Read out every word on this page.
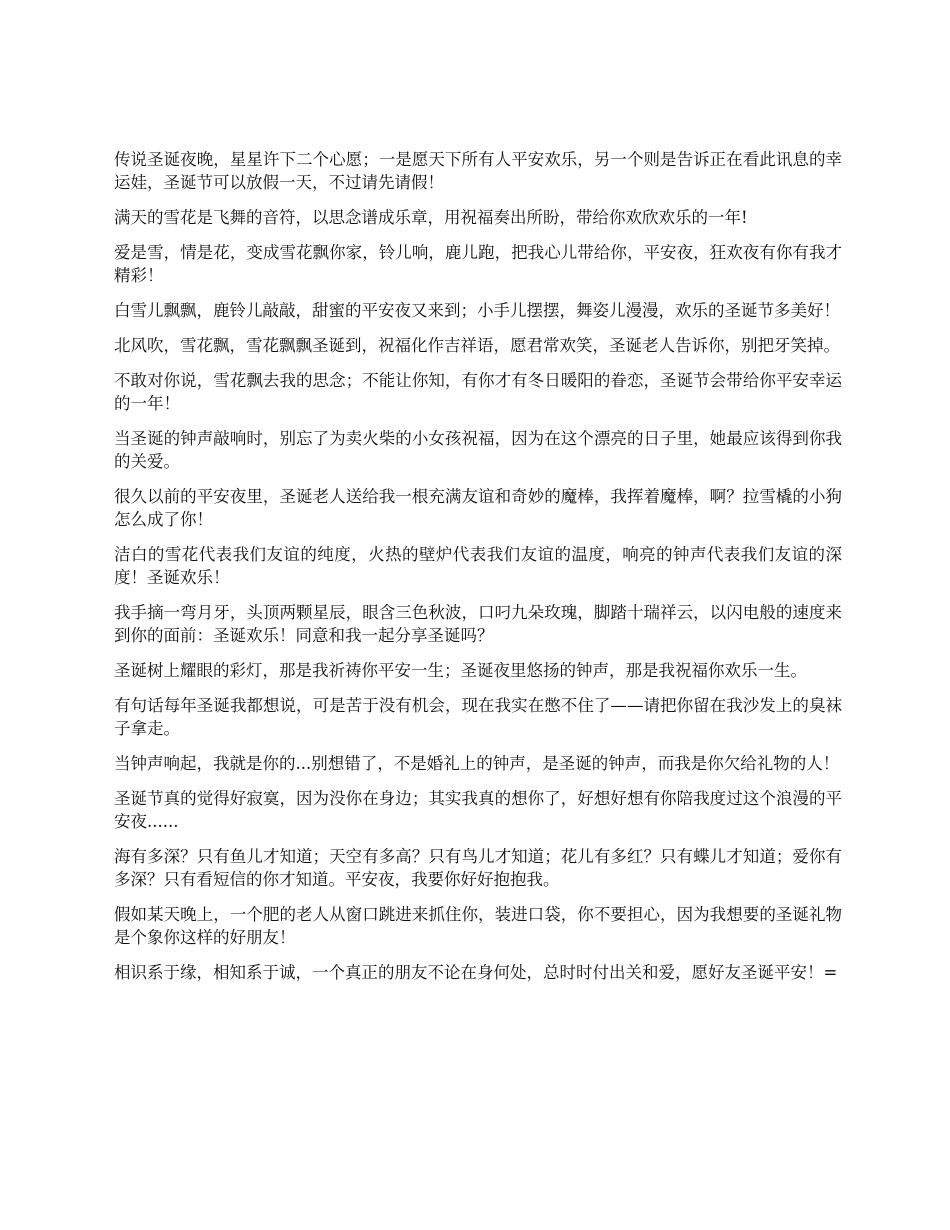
传说圣诞夜晚，星星许下二个心愿；一是愿天下所有人平安欢乐，另一个则是告诉正在看此讯息的幸运娃，圣诞节可以放假一天，不过请先请假！

满天的雪花是飞舞的音符，以思念谱成乐章，用祝福奏出所盼，带给你欢欣欢乐的一年!

爱是雪，情是花，变成雪花飘你家，铃儿响，鹿儿跑，把我心儿带给你，平安夜，狂欢夜有你有我才精彩！

白雪儿飘飘，鹿铃儿敲敲，甜蜜的平安夜又来到；小手儿摆摆，舞姿儿漫漫，欢乐的圣诞节多美好！

北风吹，雪花飘，雪花飘飘圣诞到，祝福化作吉祥语，愿君常欢笑，圣诞老人告诉你，别把牙笑掉。

不敢对你说，雪花飘去我的思念；不能让你知，有你才有冬日暖阳的眷恋，圣诞节会带给你平安幸运的一年！

当圣诞的钟声敲响时，别忘了为卖火柴的小女孩祝福，因为在这个漂亮的日子里，她最应该得到你我的关爱。

很久以前的平安夜里，圣诞老人送给我一根充满友谊和奇妙的魔棒，我挥着魔棒，啊？拉雪橇的小狗怎么成了你！

洁白的雪花代表我们友谊的纯度，火热的壁炉代表我们友谊的温度，响亮的钟声代表我们友谊的深度！圣诞欢乐！

我手摘一弯月牙，头顶两颗星辰，眼含三色秋波，口叼九朵玫瑰，脚踏十瑞祥云，以闪电般的速度来到你的面前：圣诞欢乐！同意和我一起分享圣诞吗？

圣诞树上耀眼的彩灯，那是我祈祷你平安一生；圣诞夜里悠扬的钟声，那是我祝福你欢乐一生。

有句话每年圣诞我都想说，可是苦于没有机会，现在我实在憋不住了——请把你留在我沙发上的臭袜子拿走。

当钟声响起，我就是你的...别想错了，不是婚礼上的钟声，是圣诞的钟声，而我是你欠给礼物的人！

圣诞节真的觉得好寂寞，因为没你在身边；其实我真的想你了，好想好想有你陪我度过这个浪漫的平安夜......

海有多深？只有鱼儿才知道；天空有多高？只有鸟儿才知道；花儿有多红？只有蝶儿才知道；爱你有多深？只有看短信的你才知道。平安夜，我要你好好抱抱我。

假如某天晚上，一个肥的老人从窗口跳进来抓住你，装进口袋，你不要担心，因为我想要的圣诞礼物是个象你这样的好朋友！

相识系于缘，相知系于诚，一个真正的朋友不论在身何处，总时时付出关和爱，愿好友圣诞平安！=
